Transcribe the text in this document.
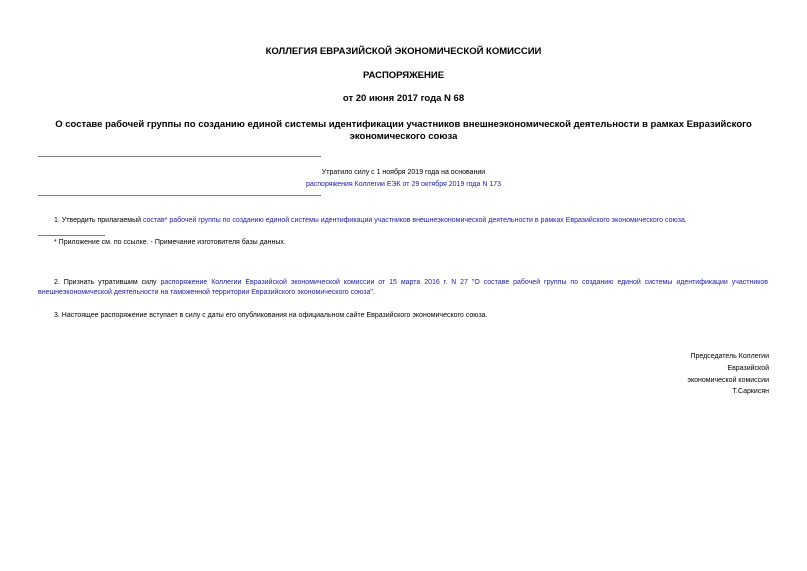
КОЛЛЕГИЯ ЕВРАЗИЙСКОЙ ЭКОНОМИЧЕСКОЙ КОМИССИИ
РАСПОРЯЖЕНИЕ
от 20 июня 2017 года N 68
О составе рабочей группы по созданию единой системы идентификации участников внешнеэкономической деятельности в рамках Евразийского экономического союза
Утратило силу с 1 ноября 2019 года на основании
распоряжения Коллегии ЕЭК от 29 октября 2019 года N 173
1. Утвердить прилагаемый состав* рабочей группы по созданию единой системы идентификации участников внешнеэкономической деятельности в рамках Евразийского экономического союза.
* Приложение см. по ссылке. - Примечание изготовителя базы данных.
2. Признать утратившим силу распоряжение Коллегии Евразийской экономической комиссии от 15 марта 2016 г. N 27 "О составе рабочей группы по созданию единой системы идентификации участников внешнеэкономической деятельности на таможенной территории Евразийского экономического союза".
3. Настоящее распоряжение вступает в силу с даты его опубликования на официальном сайте Евразийского экономического союза.
Председатель Коллегии
Евразийской
экономической комиссии
Т.Саркисян
